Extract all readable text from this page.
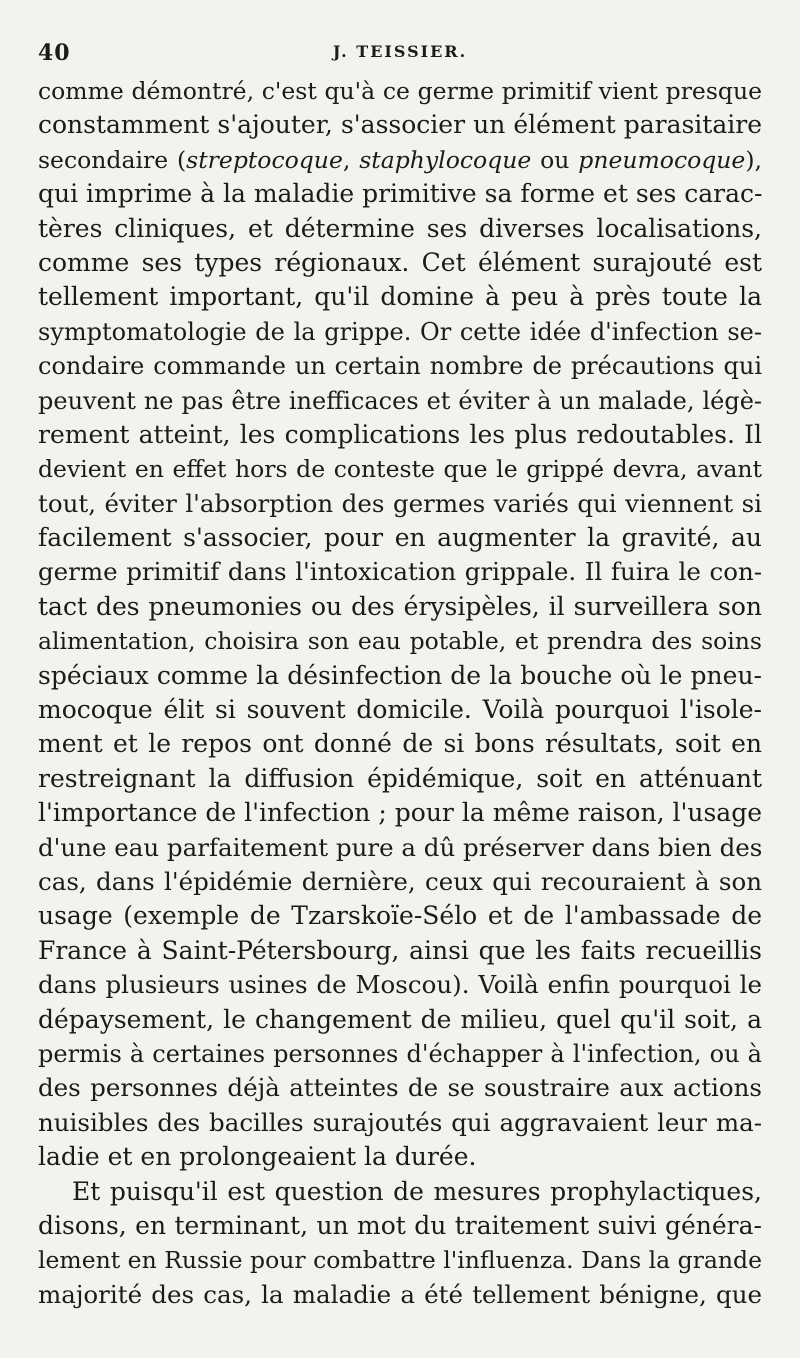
40	J. TEISSIER.
comme démontré, c'est qu'à ce germe primitif vient presque
constamment s'ajouter, s'associer un élément parasitaire
secondaire (streptocoque, staphylocoque ou pneumocoque),
qui imprime à la maladie primitive sa forme et ses carac-
tères cliniques, et détermine ses diverses localisations,
comme ses types régionaux. Cet élément surajouté est
tellement important, qu'il domine à peu à près toute la
symptomatologie de la grippe. Or cette idée d'infection se-
condaire commande un certain nombre de précautions qui
peuvent ne pas être inefficaces et éviter à un malade, légè-
rement atteint, les complications les plus redoutables. Il
devient en effet hors de conteste que le grippé devra, avant
tout, éviter l'absorption des germes variés qui viennent si
facilement s'associer, pour en augmenter la gravité, au
germe primitif dans l'intoxication grippale. Il fuira le con-
tact des pneumonies ou des érysipèles, il surveillera son
alimentation, choisira son eau potable, et prendra des soins
spéciaux comme la désinfection de la bouche où le pneu-
mocoque élit si souvent domicile. Voilà pourquoi l'isole-
ment et le repos ont donné de si bons résultats, soit en
restreignant la diffusion épidémique, soit en atténuant
l'importance de l'infection ; pour la même raison, l'usage
d'une eau parfaitement pure a dû préserver dans bien des
cas, dans l'épidémie dernière, ceux qui recouraient à son
usage (exemple de Tzarskoïe-Sélo et de l'ambassade de
France à Saint-Pétersbourg, ainsi que les faits recueillis
dans plusieurs usines de Moscou). Voilà enfin pourquoi le
dépaysement, le changement de milieu, quel qu'il soit, a
permis à certaines personnes d'échapper à l'infection, ou à
des personnes déjà atteintes de se soustraire aux actions
nuisibles des bacilles surajoutés qui aggravaient leur ma-
ladie et en prolongeaient la durée.
Et puisqu'il est question de mesures prophylactiques,
disons, en terminant, un mot du traitement suivi généra-
lement en Russie pour combattre l'influenza. Dans la grande
majorité des cas, la maladie a été tellement bénigne, que
